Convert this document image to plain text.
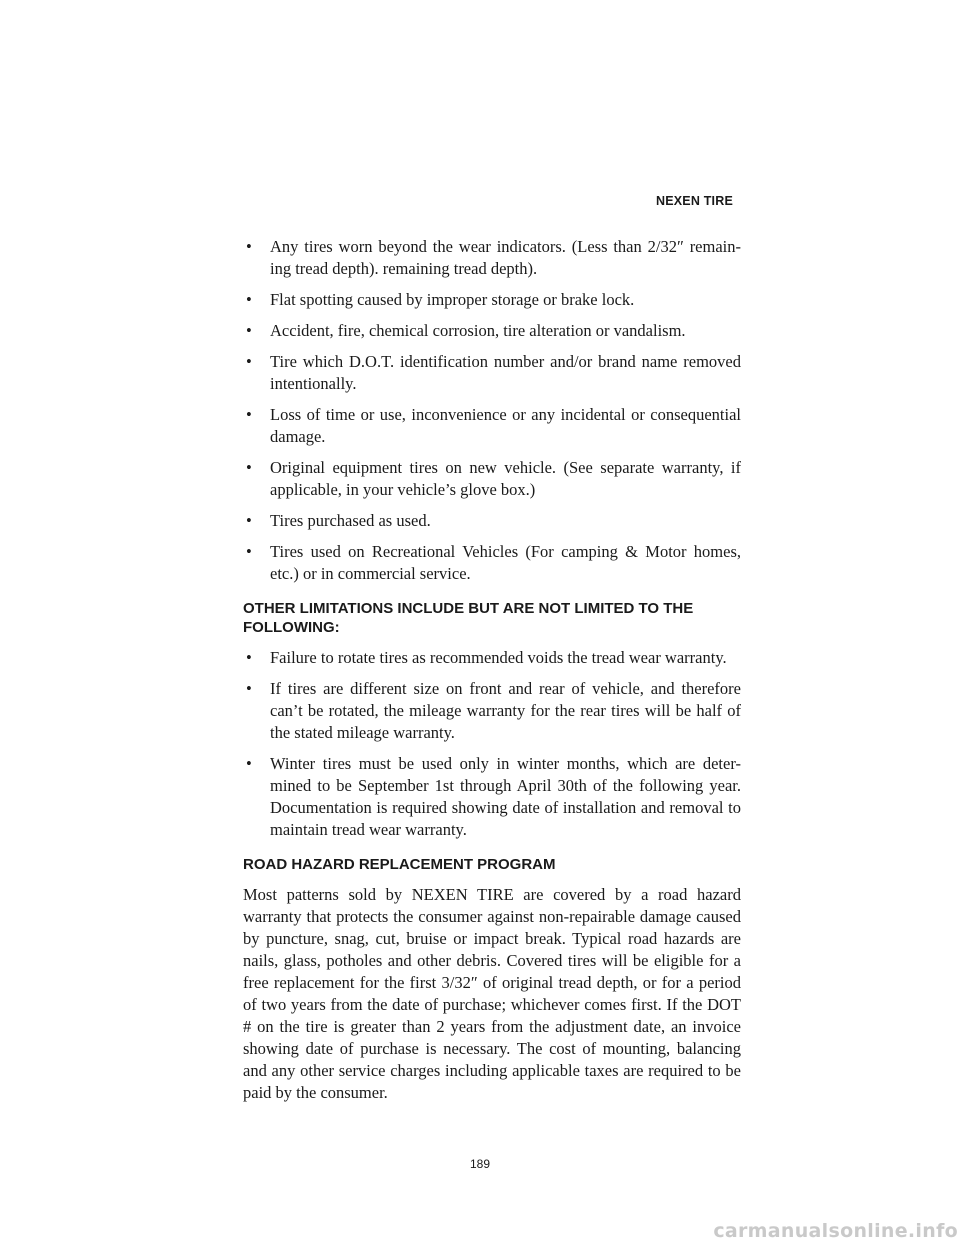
NEXEN TIRE
• Any tires worn beyond the wear indicators. (Less than 2/32″ remain-ing tread depth). remaining tread depth).
• Flat spotting caused by improper storage or brake lock.
• Accident, fire, chemical corrosion, tire alteration or vandalism.
• Tire which D.O.T. identification number and/or brand name removed intentionally.
• Loss of time or use, inconvenience or any incidental or consequential damage.
• Original equipment tires on new vehicle. (See separate warranty, if applicable, in your vehicle’s glove box.)
• Tires purchased as used.
• Tires used on Recreational Vehicles (For camping & Motor homes, etc.) or in commercial service.
OTHER LIMITATIONS INCLUDE BUT ARE NOT LIMITED TO THE FOLLOWING:
• Failure to rotate tires as recommended voids the tread wear warranty.
• If tires are different size on front and rear of vehicle, and therefore can’t be rotated, the mileage warranty for the rear tires will be half of the stated mileage warranty.
• Winter tires must be used only in winter months, which are deter-mined to be September 1st through April 30th of the following year. Documentation is required showing date of installation and removal to maintain tread wear warranty.
ROAD HAZARD REPLACEMENT PROGRAM

Most patterns sold by NEXEN TIRE are covered by a road hazard warranty that protects the consumer against non-repairable damage caused by puncture, snag, cut, bruise or impact break. Typical road hazards are nails, glass, potholes and other debris. Covered tires will be eligible for a free replacement for the first 3/32″ of original tread depth, or for a period of two years from the date of purchase; whichever comes first. If the DOT # on the tire is greater than 2 years from the adjustment date, an invoice showing date of purchase is necessary. The cost of mounting, balancing and any other service charges including applicable taxes are required to be paid by the consumer.

189
carmanualsonline.info
